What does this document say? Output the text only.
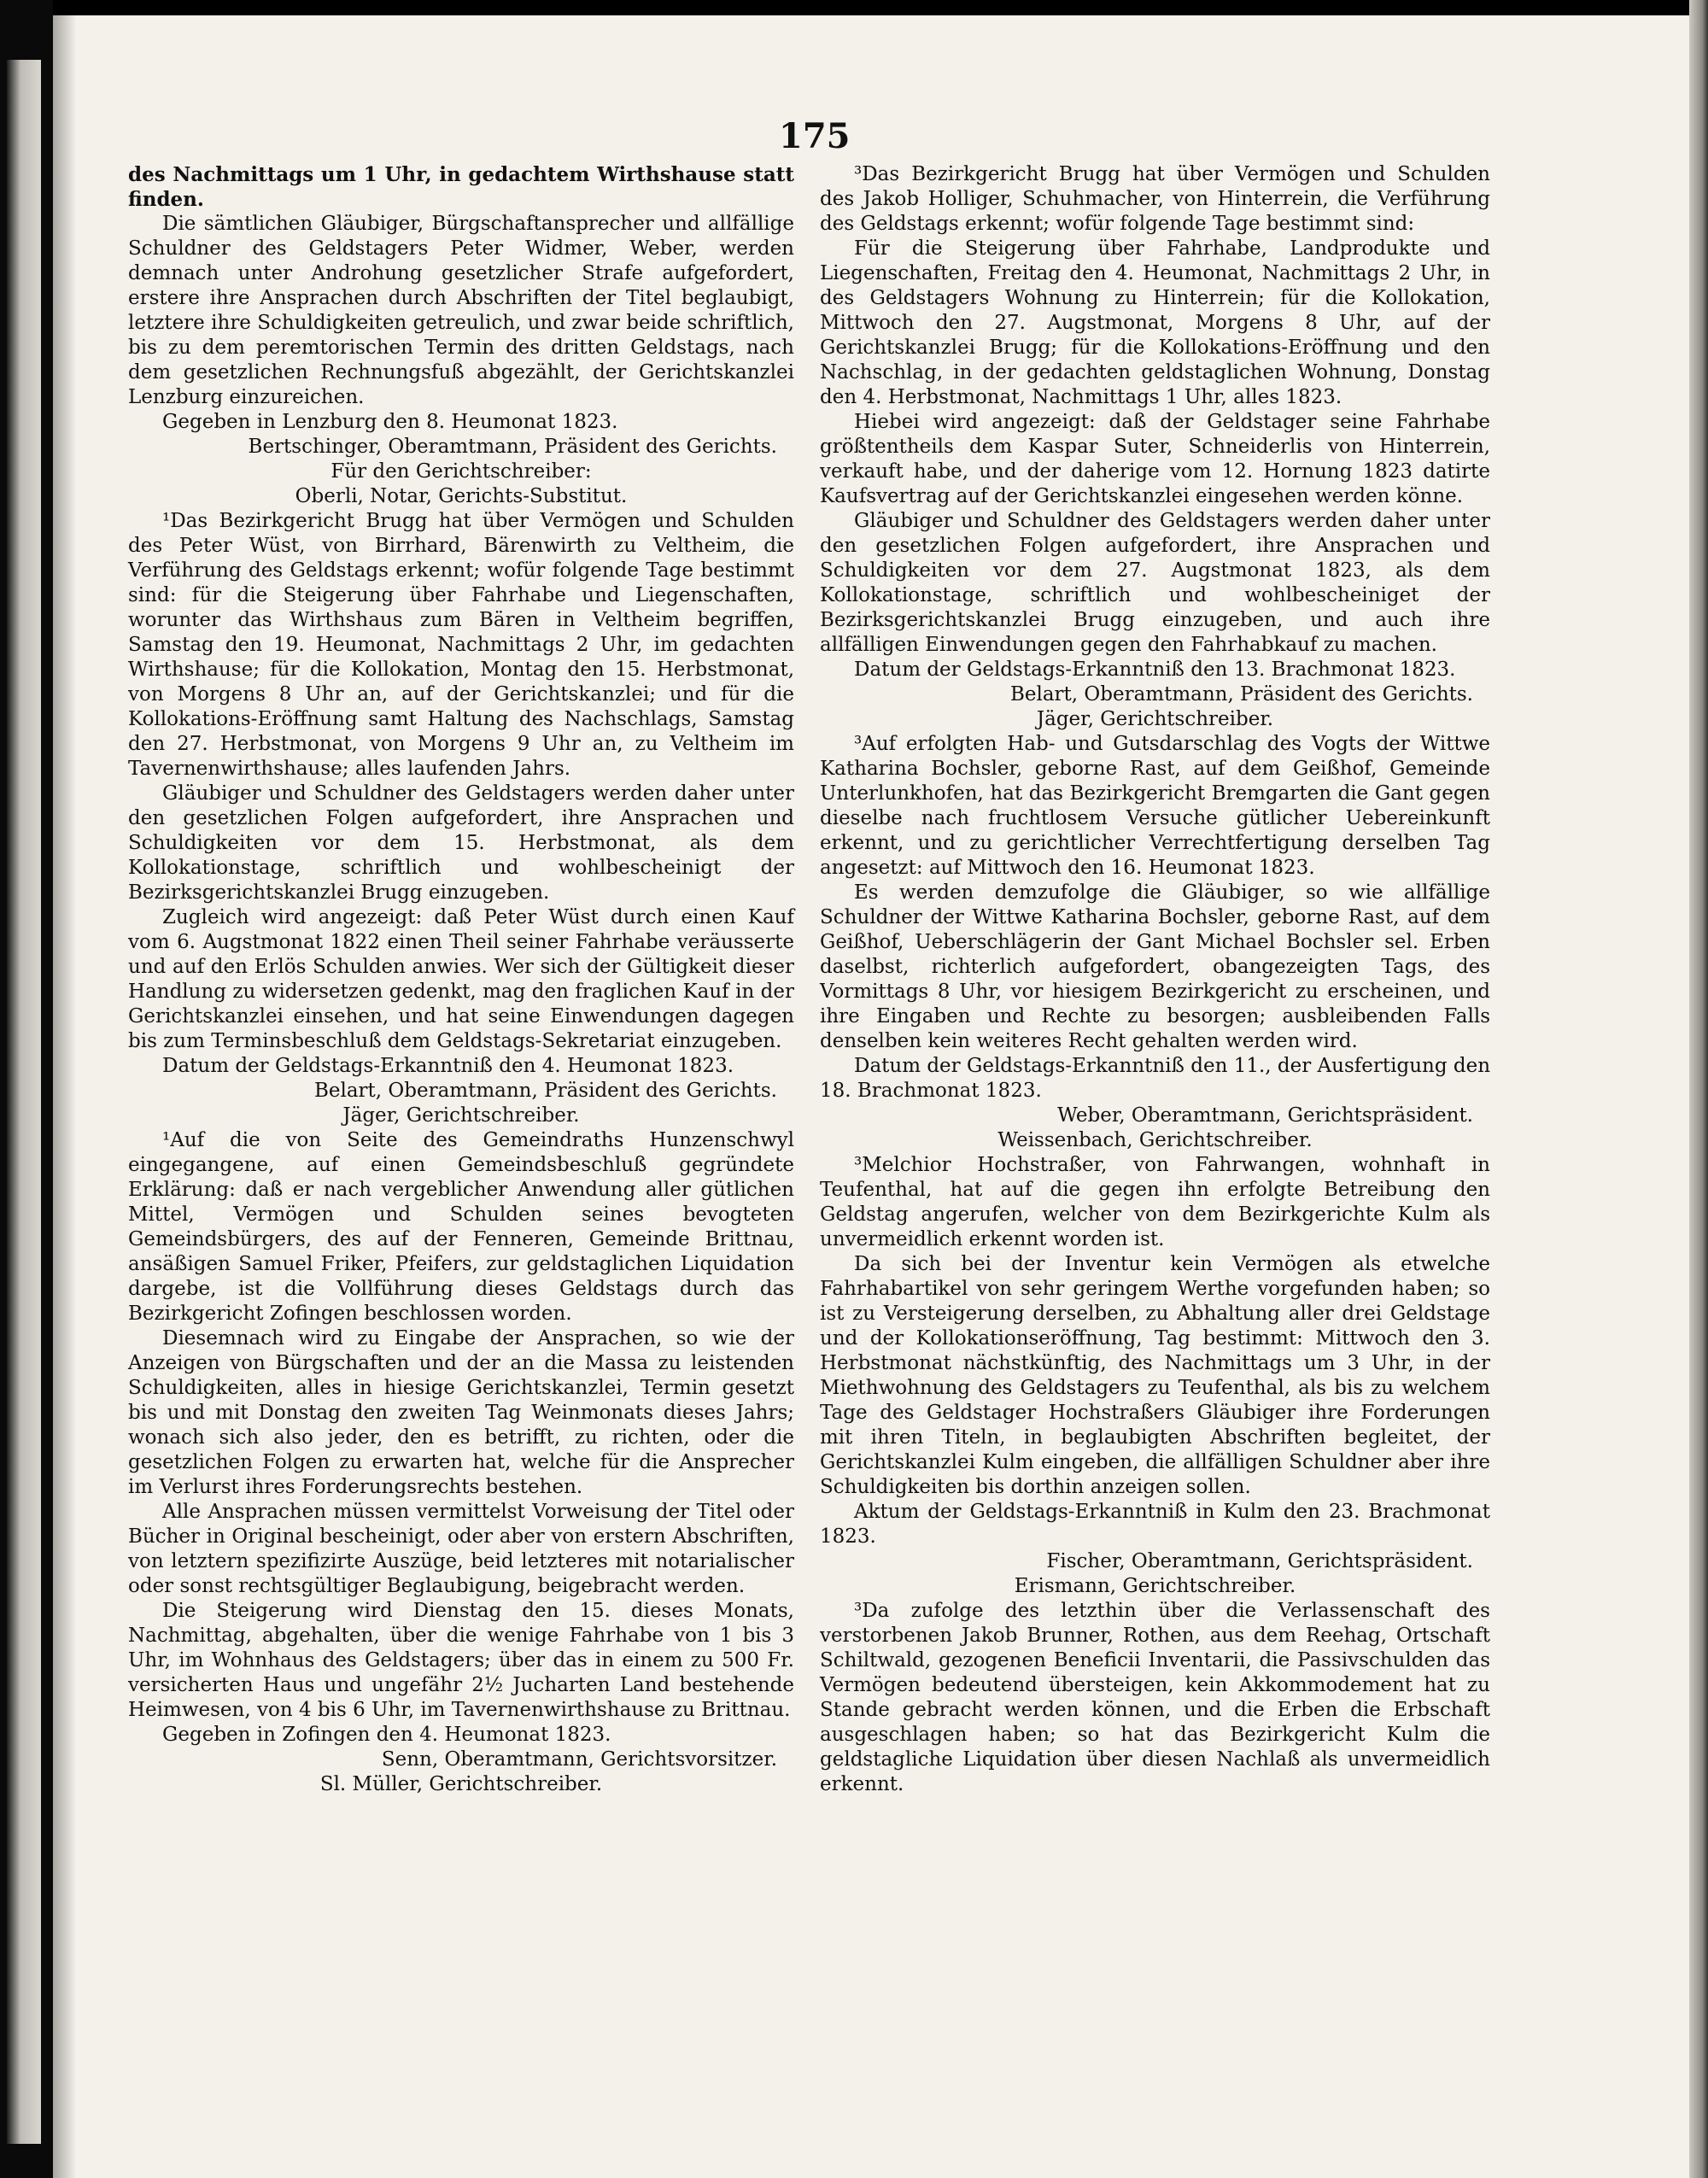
175

des Nachmittags um 1 Uhr, in gedachtem Wirthshause statt finden.

Die sämtlichen Gläubiger, Bürgschaftansprecher und allfällige Schuldner des Geldstagers Peter Widmer, Weber, werden demnach unter Androhung gesetzlicher Strafe aufgefordert, erstere ihre Ansprachen durch Abschriften der Titel beglaubigt, letztere ihre Schuldigkeiten getreulich, und zwar beide schriftlich, bis zu dem peremtorischen Termin des dritten Geldstags, nach dem gesetzlichen Rechnungsfuß abgezählt, der Gerichtskanzlei Lenzburg einzureichen.

Gegeben in Lenzburg den 8. Heumonat 1823.

Bertschinger, Oberamtmann, Präsident des Gerichts.

Für den Gerichtschreiber:

Oberli, Notar, Gerichts-Substitut.

¹Das Bezirkgericht Brugg hat über Vermögen und Schulden des Peter Wüst, von Birrhard, Bärenwirth zu Veltheim, die Verführung des Geldstags erkennt; wofür folgende Tage bestimmt sind: für die Steigerung über Fahrhabe und Liegenschaften, worunter das Wirthshaus zum Bären in Veltheim begriffen, Samstag den 19. Heumonat, Nachmittags 2 Uhr, im gedachten Wirthshause; für die Kollokation, Montag den 15. Herbstmonat, von Morgens 8 Uhr an, auf der Gerichtskanzlei; und für die Kollokations-Eröffnung samt Haltung des Nachschlags, Samstag den 27. Herbstmonat, von Morgens 9 Uhr an, zu Veltheim im Tavernenwirthshause; alles laufenden Jahrs.

Gläubiger und Schuldner des Geldstagers werden daher unter den gesetzlichen Folgen aufgefordert, ihre Ansprachen und Schuldigkeiten vor dem 15. Herbstmonat, als dem Kollokationstage, schriftlich und wohlbescheinigt der Bezirksgerichtskanzlei Brugg einzugeben.

Zugleich wird angezeigt: daß Peter Wüst durch einen Kauf vom 6. Augstmonat 1822 einen Theil seiner Fahrhabe veräusserte und auf den Erlös Schulden anwies. Wer sich der Gültigkeit dieser Handlung zu widersetzen gedenkt, mag den fraglichen Kauf in der Gerichtskanzlei einsehen, und hat seine Einwendungen dagegen bis zum Terminsbeschluß dem Geldstags-Sekretariat einzugeben.

Datum der Geldstags-Erkanntniß den 4. Heumonat 1823.

Belart, Oberamtmann, Präsident des Gerichts.

Jäger, Gerichtschreiber.

¹Auf die von Seite des Gemeindraths Hunzenschwyl eingegangene, auf einen Gemeindsbeschluß gegründete Erklärung: daß er nach vergeblicher Anwendung aller gütlichen Mittel, Vermögen und Schulden seines bevogteten Gemeindsbürgers, des auf der Fenneren, Gemeinde Brittnau, ansäßigen Samuel Friker, Pfeifers, zur geldstaglichen Liquidation dargebe, ist die Vollführung dieses Geldstags durch das Bezirkgericht Zofingen beschlossen worden.

Diesemnach wird zu Eingabe der Ansprachen, so wie der Anzeigen von Bürgschaften und der an die Massa zu leistenden Schuldigkeiten, alles in hiesige Gerichtskanzlei, Termin gesetzt bis und mit Donstag den zweiten Tag Weinmonats dieses Jahrs; wonach sich also jeder, den es betrifft, zu richten, oder die gesetzlichen Folgen zu erwarten hat, welche für die Ansprecher im Verlurst ihres Forderungsrechts bestehen.

Alle Ansprachen müssen vermittelst Vorweisung der Titel oder Bücher in Original bescheinigt, oder aber von erstern Abschriften, von letztern spezifizirte Auszüge, beid letzteres mit notarialischer oder sonst rechtsgültiger Beglaubigung, beigebracht werden.

Die Steigerung wird Dienstag den 15. dieses Monats, Nachmittag, abgehalten, über die wenige Fahrhabe von 1 bis 3 Uhr, im Wohnhaus des Geldstagers; über das in einem zu 500 Fr. versicherten Haus und ungefähr 2½ Jucharten Land bestehende Heimwesen, von 4 bis 6 Uhr, im Tavernenwirthshause zu Brittnau.

Gegeben in Zofingen den 4. Heumonat 1823.

Senn, Oberamtmann, Gerichtsvorsitzer.

Sl. Müller, Gerichtschreiber.

³Das Bezirkgericht Brugg hat über Vermögen und Schulden des Jakob Holliger, Schuhmacher, von Hinterrein, die Verführung des Geldstags erkennt; wofür folgende Tage bestimmt sind:

Für die Steigerung über Fahrhabe, Landprodukte und Liegenschaften, Freitag den 4. Heumonat, Nachmittags 2 Uhr, in des Geldstagers Wohnung zu Hinterrein; für die Kollokation, Mittwoch den 27. Augstmonat, Morgens 8 Uhr, auf der Gerichtskanzlei Brugg; für die Kollokations-Eröffnung und den Nachschlag, in der gedachten geldstaglichen Wohnung, Donstag den 4. Herbstmonat, Nachmittags 1 Uhr, alles 1823.

Hiebei wird angezeigt: daß der Geldstager seine Fahrhabe größtentheils dem Kaspar Suter, Schneiderlis von Hinterrein, verkauft habe, und der daherige vom 12. Hornung 1823 datirte Kaufsvertrag auf der Gerichtskanzlei eingesehen werden könne.

Gläubiger und Schuldner des Geldstagers werden daher unter den gesetzlichen Folgen aufgefordert, ihre Ansprachen und Schuldigkeiten vor dem 27. Augstmonat 1823, als dem Kollokationstage, schriftlich und wohlbescheiniget der Bezirksgerichtskanzlei Brugg einzugeben, und auch ihre allfälligen Einwendungen gegen den Fahrhabkauf zu machen.

Datum der Geldstags-Erkanntniß den 13. Brachmonat 1823.

Belart, Oberamtmann, Präsident des Gerichts.

Jäger, Gerichtschreiber.

³Auf erfolgten Hab- und Gutsdarschlag des Vogts der Wittwe Katharina Bochsler, geborne Rast, auf dem Geißhof, Gemeinde Unterlunkhofen, hat das Bezirkgericht Bremgarten die Gant gegen dieselbe nach fruchtlosem Versuche gütlicher Uebereinkunft erkennt, und zu gerichtlicher Verrechtfertigung derselben Tag angesetzt: auf Mittwoch den 16. Heumonat 1823.

Es werden demzufolge die Gläubiger, so wie allfällige Schuldner der Wittwe Katharina Bochsler, geborne Rast, auf dem Geißhof, Ueberschlägerin der Gant Michael Bochsler sel. Erben daselbst, richterlich aufgefordert, obangezeigten Tags, des Vormittags 8 Uhr, vor hiesigem Bezirkgericht zu erscheinen, und ihre Eingaben und Rechte zu besorgen; ausbleibenden Falls denselben kein weiteres Recht gehalten werden wird.

Datum der Geldstags-Erkanntniß den 11., der Ausfertigung den 18. Brachmonat 1823.

Weber, Oberamtmann, Gerichtspräsident.

Weissenbach, Gerichtschreiber.

³Melchior Hochstraßer, von Fahrwangen, wohnhaft in Teufenthal, hat auf die gegen ihn erfolgte Betreibung den Geldstag angerufen, welcher von dem Bezirkgerichte Kulm als unvermeidlich erkennt worden ist.

Da sich bei der Inventur kein Vermögen als etwelche Fahrhabartikel von sehr geringem Werthe vorgefunden haben; so ist zu Versteigerung derselben, zu Abhaltung aller drei Geldstage und der Kollokationseröffnung, Tag bestimmt: Mittwoch den 3. Herbstmonat nächstkünftig, des Nachmittags um 3 Uhr, in der Miethwohnung des Geldstagers zu Teufenthal, als bis zu welchem Tage des Geldstager Hochstraßers Gläubiger ihre Forderungen mit ihren Titeln, in beglaubigten Abschriften begleitet, der Gerichtskanzlei Kulm eingeben, die allfälligen Schuldner aber ihre Schuldigkeiten bis dorthin anzeigen sollen.

Aktum der Geldstags-Erkanntniß in Kulm den 23. Brachmonat 1823.

Fischer, Oberamtmann, Gerichtspräsident.

Erismann, Gerichtschreiber.

³Da zufolge des letzthin über die Verlassenschaft des verstorbenen Jakob Brunner, Rothen, aus dem Reehag, Ortschaft Schiltwald, gezogenen Beneficii Inventarii, die Passivschulden das Vermögen bedeutend übersteigen, kein Akkommodement hat zu Stande gebracht werden können, und die Erben die Erbschaft ausgeschlagen haben; so hat das Bezirkgericht Kulm die geldstagliche Liquidation über diesen Nachlaß als unvermeidlich erkennt.
